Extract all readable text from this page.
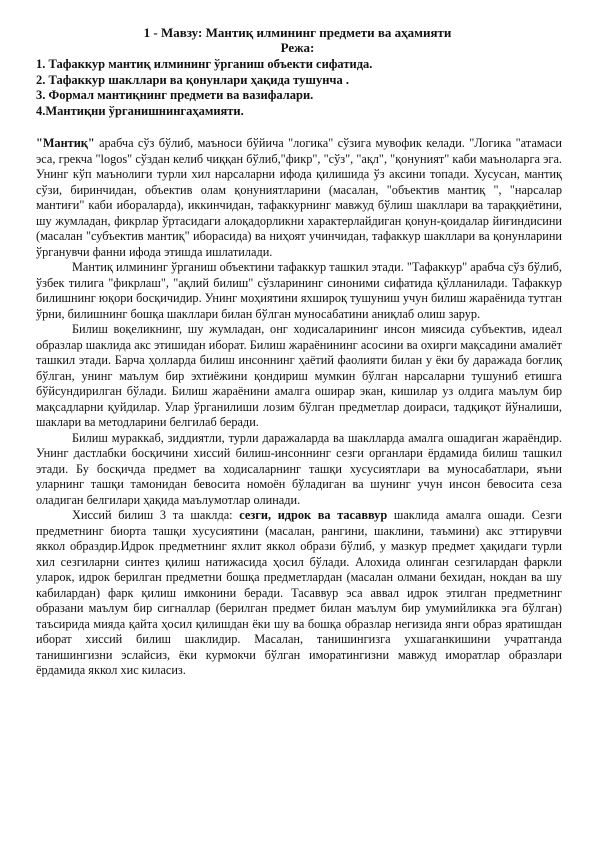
1 - Мавзу: Мантиқ илмининг предмети ва аҳамияти
Режа:
1. Тафаккур мантиқ илмининг ўрганиш объекти сифатида.
2. Тафаккур шакллари ва қонунлари ҳақида тушунча .
3. Формал мантиқнинг предмети ва вазифалари.
4.Мантиқни ўрганишнингаҳамияти.

"Мантиқ" арабча сўз бўлиб, маъноси бўйича "логика" сўзига мувофик келади. "Логика "атамаси эса, грекча "logos" сўздан келиб чиққан бўлиб,"фикр", "сўз", "ақл", "қонуният" каби маъноларга эга. Унинг кўп маънолиги турли хил нарсаларни ифода қилишида ўз аксини топади. Хусусан, мантиқ сўзи, биринчидан, объектив олам қонуниятларини (масалан, "объектив мантиқ ", "нарсалар мантиғи" каби ибораларда), иккинчидан, тафаккурнинг мавжуд бўлиш шакллари ва тараққиётини, шу жумладан, фикрлар ўртасидаги алоқадорликни характерлайдиган қонун-қоидалар йиғиндисини (масалан "субъектив мантиқ" иборасида) ва ниҳоят учинчидан, тафаккур шакллари ва қонунларини ўрганувчи фанни ифода этишда ишлатилади.

Мантиқ илмининг ўрганиш объектини тафаккур ташкил этади. "Тафаккур" арабча сўз бўлиб, ўзбек тилига "фикрлаш", "ақлий билиш" сўзларининг синоними сифатида қўлланилади. Тафаккур билишнинг юқори босқичидир. Унинг моҳиятини яхшироқ тушуниш учун билиш жараёнида тутган ўрни, билишнинг бошқа шакллари билан бўлган муносабатини аниқлаб олиш зарур.

Билиш воқеликнинг, шу жумладан, онг ходисаларининг инсон миясида субъектив, идеал образлар шаклида акс этишидан иборат. Билиш жараёнининг асосини ва охирги мақсадини амалиёт ташкил этади. Барча ҳолларда билиш инсоннинг ҳаётий фаолияти билан у ёки бу даражада боғлиқ бўлган, унинг маълум бир эхтиёжини қондириш мумкин бўлган нарсаларни тушуниб етишга бўйсундирилган бўлади. Билиш жараёнини амалга оширар экан, кишилар уз олдига маълум бир мақсадларни қуйдилар. Улар ўрганилиши лозим бўлган предметлар доираси, тадқиқот йўналиши, шаклари ва методларини белгилаб беради.

Билиш мураккаб, зиддиятли, турли даражаларда ва шаклларда амалга ошадиган жараёндир. Унинг дастлабки босқичини хиссий билиш-инсоннинг сезги органлари ёрдамида билиш ташкил этади. Бу босқичда предмет ва ходисаларнинг ташқи хусусиятлари ва муносабатлари, яъни уларнинг ташқи тамонидан бевосита номоён бўладиган ва шунинг учун инсон бевосита сеза оладиган белгилари ҳақида маълумотлар олинади.

Хиссий билиш 3 та шаклда: сезги, идрок ва тасаввур шаклида амалга ошади. Сезги предметнинг биорта ташқи хусусиятини (масалан, рангини, шаклини, таъмини) акс эттирувчи яккол образдир.Идрок предметнинг яхлит яккол образи бўлиб, у мазкур предмет ҳақидаги турли хил сезгиларни синтез қилиш натижасида ҳосил бўлади. Алохида олинган сезгилардан фаркли уларок, идрок берилган предметни бошқа предметлардан (масалан олмани бехидан, нокдан ва шу кабилардан) фарк қилиш имконини беради. Тасаввур эса аввал идрок этилган предметнинг образани маълум бир сигналлар (берилган предмет билан маълум бир умумийликка эга бўлган) таъсирида мияда қайта ҳосил қилишдан ёки шу ва бошқа образлар негизида янги образ яратишдан иборат хиссий билиш шаклидир. Масалан, танишингизга ухшаганкишини учратганда танишингизни эслайсиз, ёки курмокчи бўлган иморатингизни мавжуд иморатлар образлари ёрдамида яккол хис киласиз.
